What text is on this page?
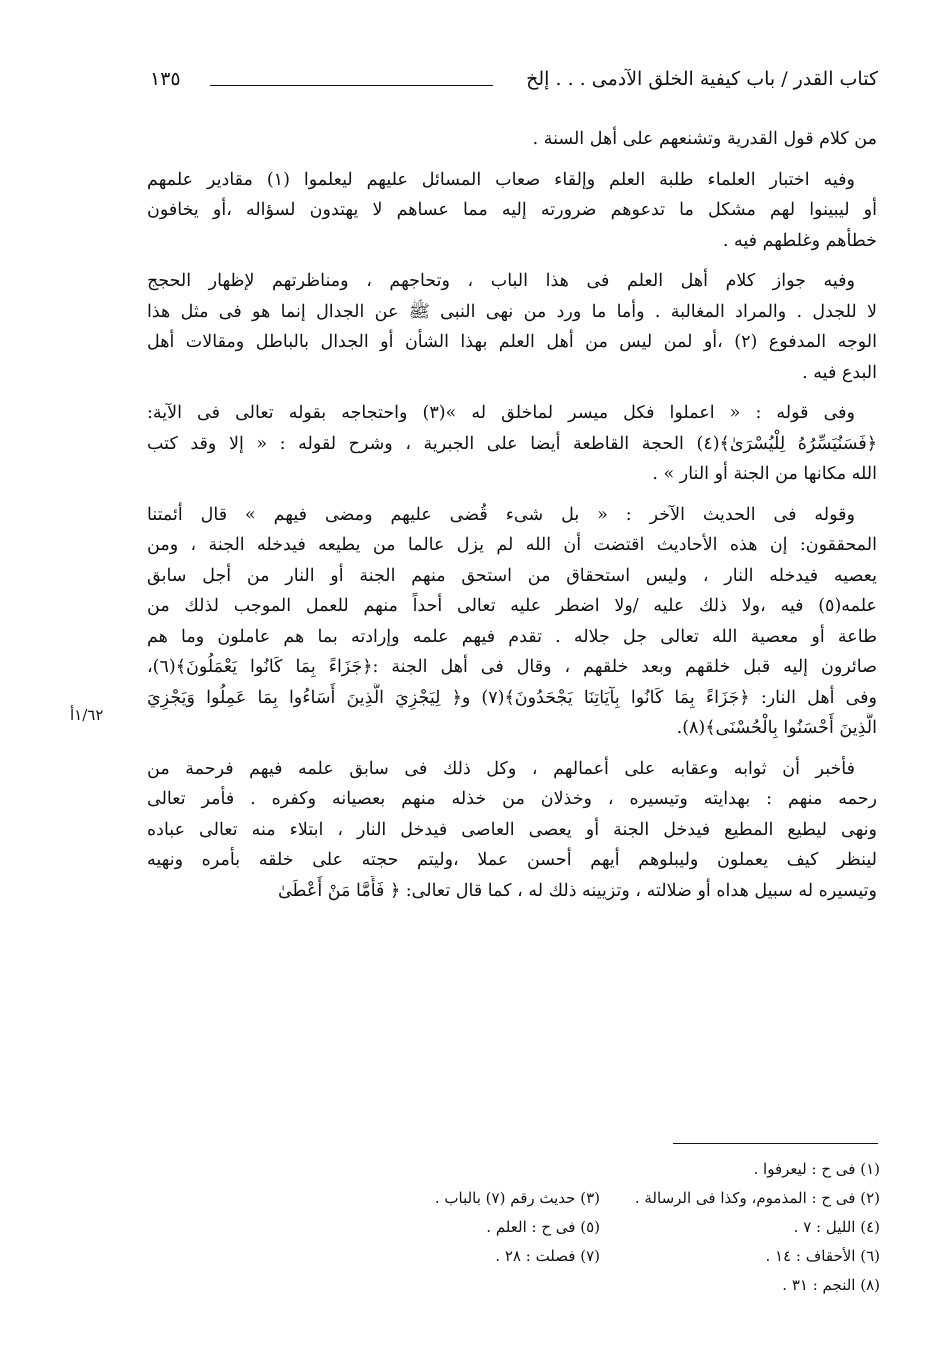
كتاب القدر / باب كيفية الخلق الآدمى . . . إلخ
١٣٥
١/٦٢أ
من كلام قول القدرية وتشنعهم على أهل السنة .
وفيه اختبار العلماء طلبة العلم وإلقاء صعاب المسائل عليهم ليعلموا (١) مقادير علمهم
أو ليبينوا لهم مشكل ما تدعوهم ضرورته إليه مما عساهم لا يهتدون لسؤاله ،أو يخافون
خطأهم وغلطهم فيه .
وفيه جواز كلام أهل العلم فى هذا الباب ، وتحاجهم ، ومناظرتهم لإظهار الحجج
لا للجدل . والمراد المغالبة . وأما ما ورد من نهى النبى ﷺ عن الجدال إنما هو فى مثل هذا
الوجه المدفوع (٢) ،أو لمن ليس من أهل العلم بهذا الشأن أو الجدال بالباطل ومقالات أهل
البدع فيه .
وفى قوله : « اعملوا فكل ميسر لماخلق له »(٣) واحتجاجه بقوله تعالى فى الآية:
﴿فَسَنُيَسِّرُهُ لِلْيُسْرَىٰ﴾(٤) الحجة القاطعة أيضا على الجبرية ، وشرح لقوله : « إلا وقد كتب
الله مكانها من الجنة أو النار » .
وقوله فى الحديث الآخر : « بل شىء قُضى عليهم ومضى فيهم » قال أئمتنا
المحققون: إن هذه الأحاديث اقتضت أن الله لم يزل عالما من يطيعه فيدخله الجنة ، ومن
يعصيه فيدخله النار ، وليس استحقاق من استحق منهم الجنة أو النار من أجل سابق
علمه(٥) فيه ،ولا ذلك عليه /ولا اضطر عليه تعالى أحداً منهم للعمل الموجب لذلك من
طاعة أو معصية الله تعالى جل جلاله . تقدم فيهم علمه وإرادته بما هم عاملون وما هم
صائرون إليه قبل خلقهم وبعد خلقهم ، وقال فى أهل الجنة :﴿جَزَاءً بِمَا كَانُوا يَعْمَلُونَ﴾(٦)،
وفى أهل النار: ﴿جَزَاءً بِمَا كَانُوا بِآيَاتِنَا يَجْحَدُونَ﴾(٧) و﴿ لِيَجْزِيَ الَّذِينَ أَسَاءُوا بِمَا عَمِلُوا وَيَجْزِيَ
الَّذِينَ أَحْسَنُوا بِالْحُسْنَى﴾(٨).
فأخبر أن ثوابه وعقابه على أعمالهم ، وكل ذلك فى سابق علمه فيهم فرحمة من
رحمه منهم : بهدايته وتيسيره ، وخذلان من خذله منهم بعصيانه وكفره . فأمر تعالى
ونهى ليطيع المطيع فيدخل الجنة أو يعصى العاصى فيدخل النار ، ابتلاء منه تعالى عباده
لينظر كيف يعملون وليبلوهم أيهم أحسن عملا ،وليتم حجته على خلقه بأمره ونهيه
وتيسيره له سبيل هداه أو ضلالته ، وتزيينه ذلك له ، كما قال تعالى: ﴿ فَأَمَّا مَنْ أَعْطَىٰ
(١) فى ح : ليعرفوا .
(٢) فى ح : المذموم، وكذا فى الرسالة .
(٣) حديث رقم (٧) بالباب .
(٤) الليل : ٧ .
(٥) فى ح : العلم .
(٦) الأحقاف : ١٤ .
(٧) فصلت : ٢٨ .
(٨) النجم : ٣١ .
